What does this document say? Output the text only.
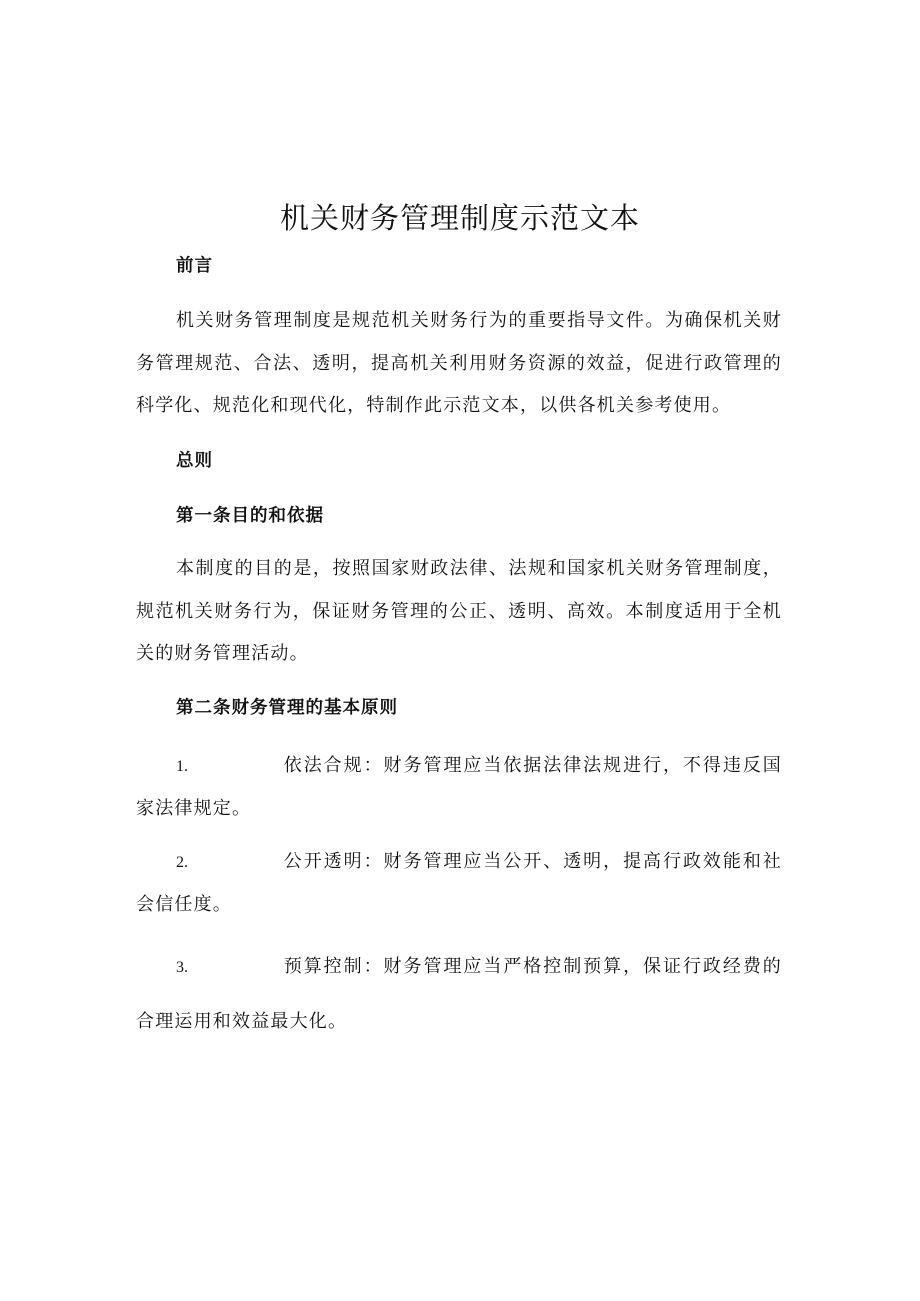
机关财务管理制度示范文本
前言

机关财务管理制度是规范机关财务行为的重要指导文件。为确保机关财务管理规范、合法、透明，提高机关利用财务资源的效益，促进行政管理的科学化、规范化和现代化，特制作此示范文本，以供各机关参考使用。

总则
第一条目的和依据

本制度的目的是，按照国家财政法律、法规和国家机关财务管理制度，规范机关财务行为，保证财务管理的公正、透明、高效。本制度适用于全机关的财务管理活动。

第二条财务管理的基本原则

1.	依法合规：财务管理应当依据法律法规进行，不得违反国家法律规定。

2.	公开透明：财务管理应当公开、透明，提高行政效能和社会信任度。

3.	预算控制：财务管理应当严格控制预算，保证行政经费的合理运用和效益最大化。
